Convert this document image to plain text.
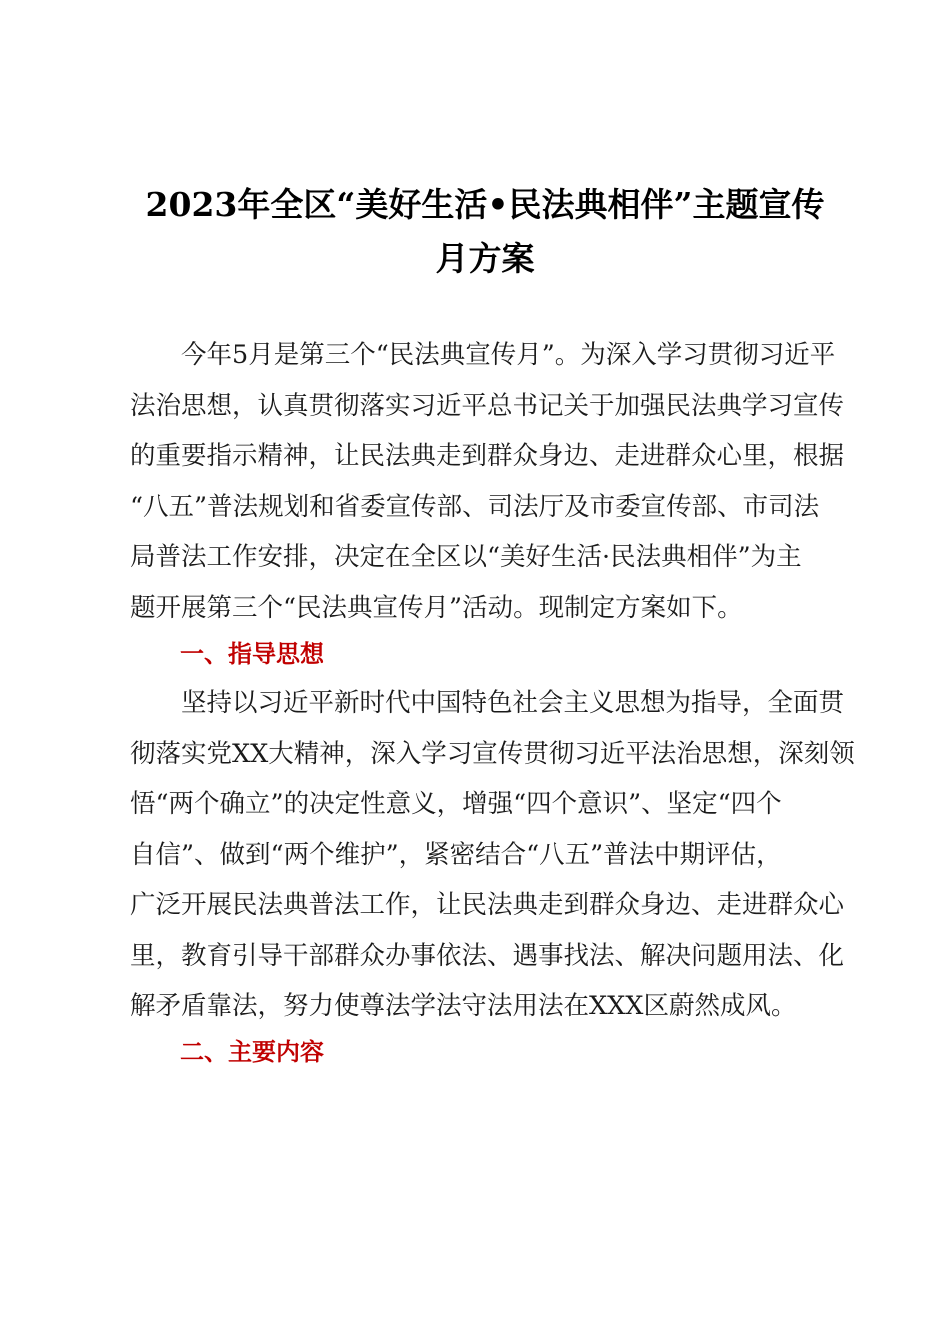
2023年全区“美好生活•民法典相伴”主题宣传
月方案
　　今年5月是第三个“民法典宣传月”。为深入学习贯彻习近平
法治思想，认真贯彻落实习近平总书记关于加强民法典学习宣传
的重要指示精神，让民法典走到群众身边、走进群众心里，根据
“八五”普法规划和省委宣传部、司法厅及市委宣传部、市司法
局普法工作安排，决定在全区以“美好生活·民法典相伴”为主
题开展第三个“民法典宣传月”活动。现制定方案如下。
一、指导思想
　　坚持以习近平新时代中国特色社会主义思想为指导，全面贯
彻落实党XX大精神，深入学习宣传贯彻习近平法治思想，深刻领
悟“两个确立”的决定性意义，增强“四个意识”、坚定“四个
自信”、做到“两个维护”，紧密结合“八五”普法中期评估，
广泛开展民法典普法工作，让民法典走到群众身边、走进群众心
里，教育引导干部群众办事依法、遇事找法、解决问题用法、化
解矛盾靠法，努力使尊法学法守法用法在XXX区蔚然成风。
二、主要内容
